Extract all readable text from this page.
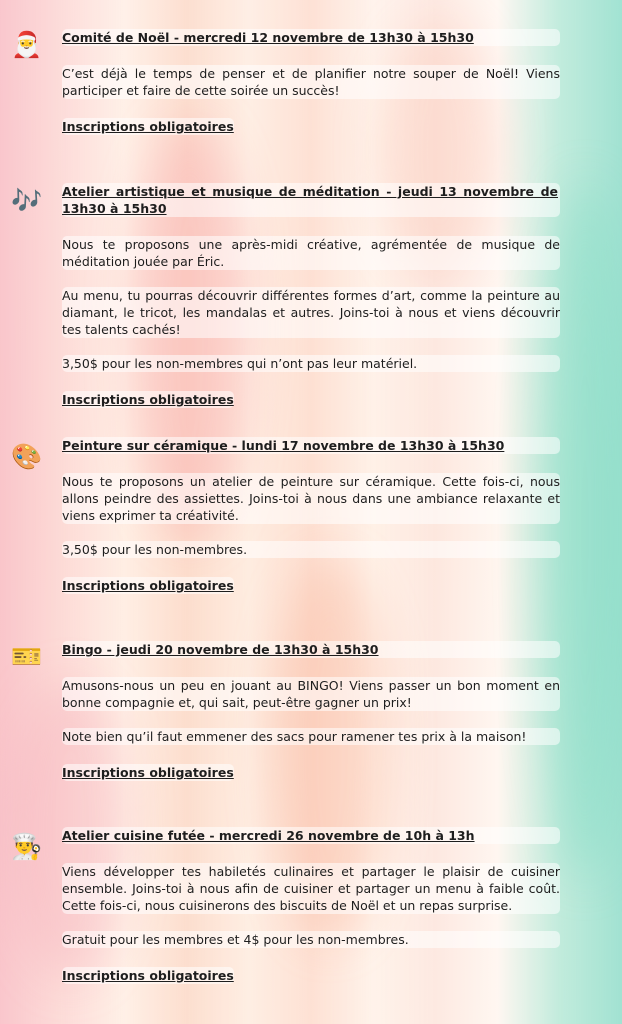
🎅 Comité de Noël - mercredi 12 novembre de 13h30 à 15h30
C’est déjà le temps de penser et de planifier notre souper de Noël! Viens participer et faire de cette soirée un succès!
Inscriptions obligatoires
🎶 Atelier artistique et musique de méditation - jeudi 13 novembre de 13h30 à 15h30
Nous te proposons une après-midi créative, agrémentée de musique de méditation jouée par Éric.
Au menu, tu pourras découvrir différentes formes d’art, comme la peinture au diamant, le tricot, les mandalas et autres. Joins-toi à nous et viens découvrir tes talents cachés!
3,50$ pour les non-membres qui n’ont pas leur matériel.
Inscriptions obligatoires
🎨 Peinture sur céramique - lundi 17 novembre de 13h30 à 15h30
Nous te proposons un atelier de peinture sur céramique. Cette fois-ci, nous allons peindre des assiettes. Joins-toi à nous dans une ambiance relaxante et viens exprimer ta créativité.
3,50$ pour les non-membres.
Inscriptions obligatoires
🎫 Bingo - jeudi 20 novembre de 13h30 à 15h30
Amusons-nous un peu en jouant au BINGO! Viens passer un bon moment en bonne compagnie et, qui sait, peut-être gagner un prix!
Note bien qu’il faut emmener des sacs pour ramener tes prix à la maison!
Inscriptions obligatoires
👨‍🍳 Atelier cuisine futée - mercredi 26 novembre de 10h à 13h
Viens développer tes habiletés culinaires et partager le plaisir de cuisiner ensemble. Joins-toi à nous afin de cuisiner et partager un menu à faible coût. Cette fois-ci, nous cuisinerons des biscuits de Noël et un repas surprise.
Gratuit pour les membres et 4$ pour les non-membres.
Inscriptions obligatoires
